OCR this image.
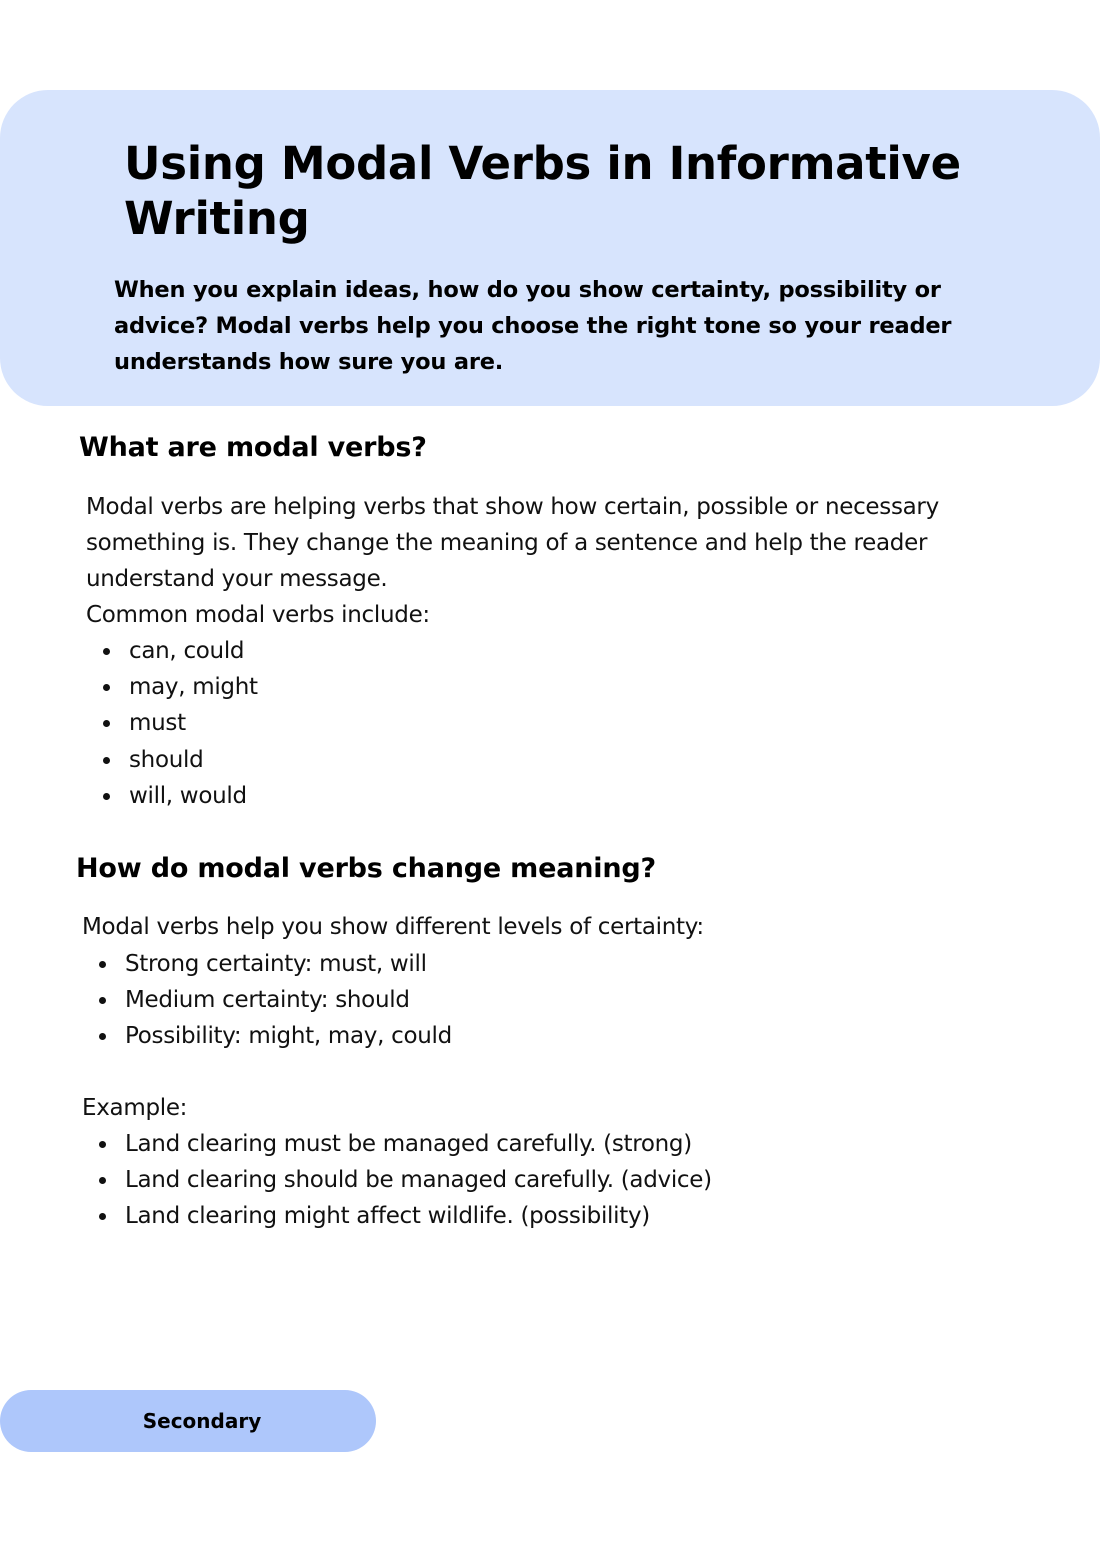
Using Modal Verbs in Informative Writing

When you explain ideas, how do you show certainty, possibility or advice? Modal verbs help you choose the right tone so your reader understands how sure you are.

What are modal verbs?

Modal verbs are helping verbs that show how certain, possible or necessary something is. They change the meaning of a sentence and help the reader understand your message.

Common modal verbs include:

can, could
may, might
must
should
will, would
How do modal verbs change meaning?

Modal verbs help you show different levels of certainty:

Strong certainty: must, will
Medium certainty: should
Possibility: might, may, could

Example:

Land clearing must be managed carefully. (strong)
Land clearing should be managed carefully. (advice)
Land clearing might affect wildlife. (possibility)
Secondary
